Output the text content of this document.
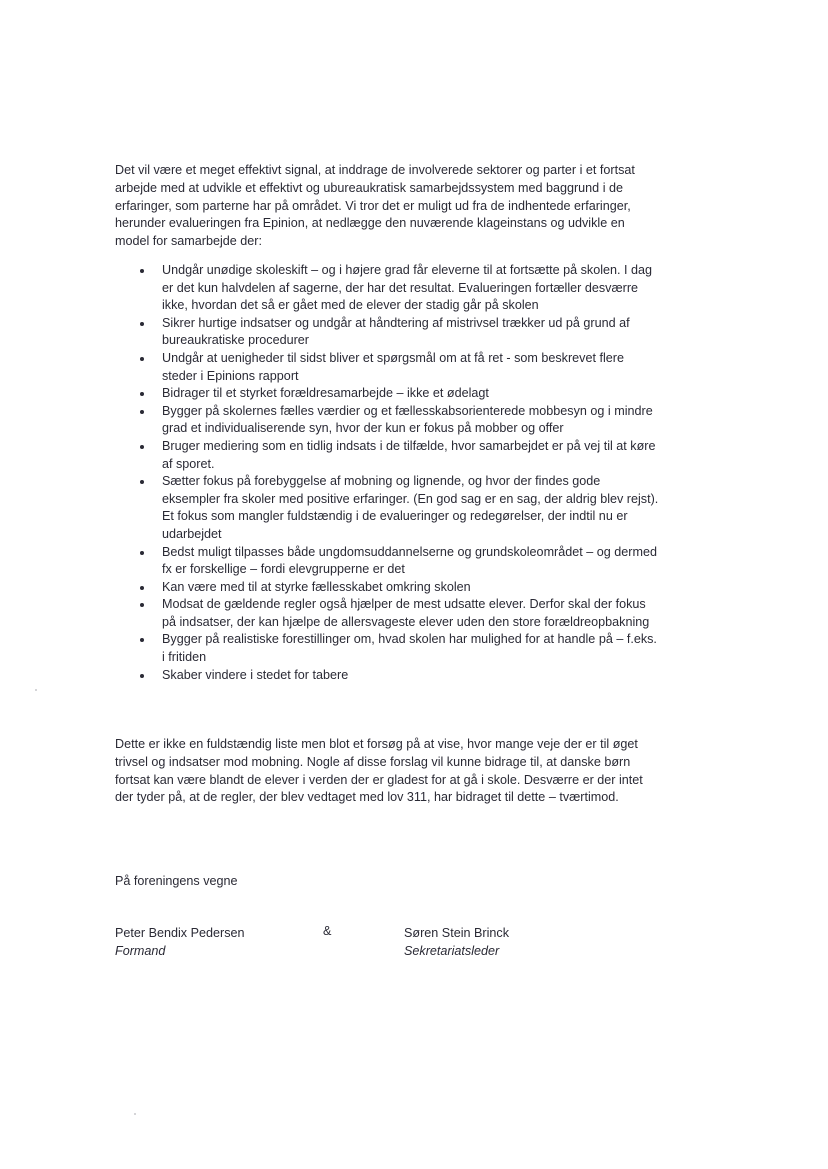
Det vil være et meget effektivt signal, at inddrage de involverede sektorer og parter i et fortsat arbejde med at udvikle et effektivt og ubureaukratisk samarbejdssystem med baggrund i de erfaringer, som parterne har på området. Vi tror det er muligt ud fra de indhentede erfaringer, herunder evalueringen fra Epinion, at nedlægge den nuværende klageinstans og udvikle en model for samarbejde der:

Undgår unødige skoleskift – og i højere grad får eleverne til at fortsætte på skolen. I dag er det kun halvdelen af sagerne, der har det resultat. Evalueringen fortæller desværre ikke, hvordan det så er gået med de elever der stadig går på skolen
Sikrer hurtige indsatser og undgår at håndtering af mistrivsel trækker ud på grund af bureaukratiske procedurer
Undgår at uenigheder til sidst bliver et spørgsmål om at få ret - som beskrevet flere steder i Epinions rapport
Bidrager til et styrket forældresamarbejde – ikke et ødelagt
Bygger på skolernes fælles værdier og et fællesskabsorienterede mobbesyn og i mindre grad et individualiserende syn, hvor der kun er fokus på mobber og offer
Bruger mediering som en tidlig indsats i de tilfælde, hvor samarbejdet er på vej til at køre af sporet.
Sætter fokus på forebyggelse af mobning og lignende, og hvor der findes gode eksempler fra skoler med positive erfaringer. (En god sag er en sag, der aldrig blev rejst). Et fokus som mangler fuldstændig i de evalueringer og redegørelser, der indtil nu er udarbejdet
Bedst muligt tilpasses både ungdomsuddannelserne og grundskoleområdet – og dermed fx er forskellige – fordi elevgrupperne er det
Kan være med til at styrke fællesskabet omkring skolen
Modsat de gældende regler også hjælper de mest udsatte elever. Derfor skal der fokus på indsatser, der kan hjælpe de allersvageste elever uden den store forældreopbakning
Bygger på realistiske forestillinger om, hvad skolen har mulighed for at handle på – f.eks. i fritiden
Skaber vindere i stedet for tabere

Dette er ikke en fuldstændig liste men blot et forsøg på at vise, hvor mange veje der er til øget trivsel og indsatser mod mobning. Nogle af disse forslag vil kunne bidrage til, at danske børn fortsat kan være blandt de elever i verden der er gladest for at gå i skole. Desværre er der intet der tyder på, at de regler, der blev vedtaget med lov 311, har bidraget til dette – tværtimod.

På foreningens vegne
Peter Bendix Pedersen
Formand
&	Søren Stein Brinck
Sekretariatsleder
